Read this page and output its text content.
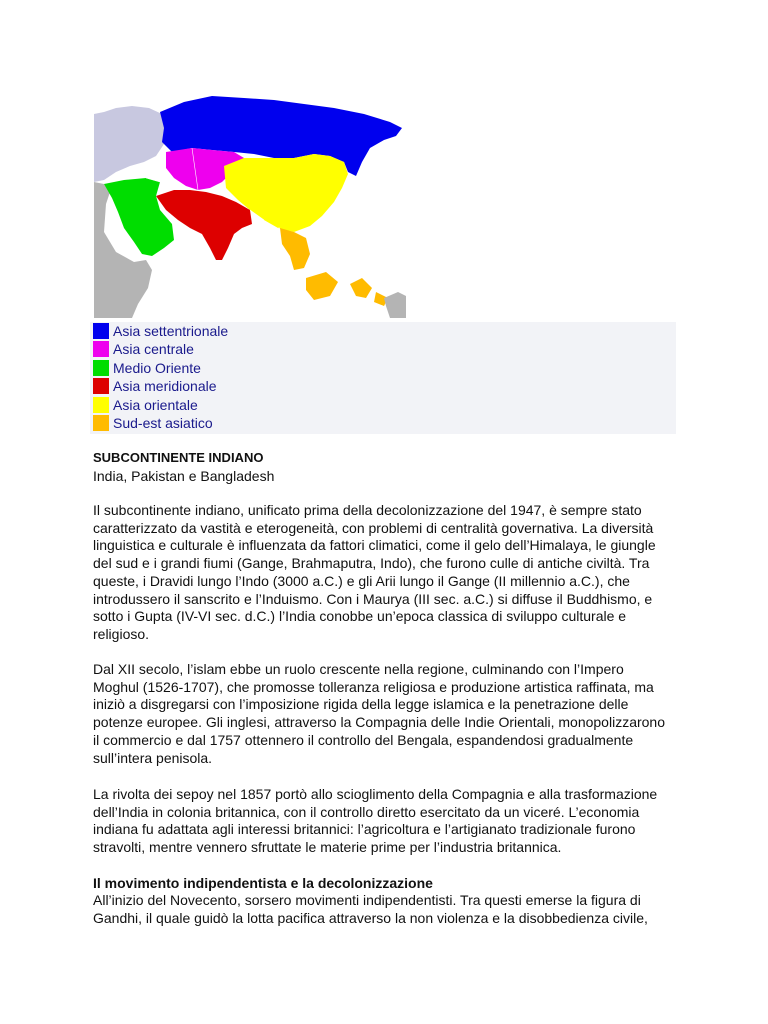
Asia settentrionale
Asia centrale
Medio Oriente
Asia meridionale
Asia orientale
Sud-est asiatico
SUBCONTINENTE INDIANO
India, Pakistan e Bangladesh
Il subcontinente indiano, unificato prima della decolonizzazione del 1947, è sempre stato
caratterizzato da vastità e eterogeneità, con problemi di centralità governativa. La diversità
linguistica e culturale è influenzata da fattori climatici, come il gelo dell’Himalaya, le giungle
del sud e i grandi fiumi (Gange, Brahmaputra, Indo), che furono culle di antiche civiltà. Tra
queste, i Dravidi lungo l’Indo (3000 a.C.) e gli Arii lungo il Gange (II millennio a.C.), che
introdussero il sanscrito e l’Induismo. Con i Maurya (III sec. a.C.) si diffuse il Buddhismo, e
sotto i Gupta (IV-VI sec. d.C.) l’India conobbe un’epoca classica di sviluppo culturale e
religioso.
Dal XII secolo, l’islam ebbe un ruolo crescente nella regione, culminando con l’Impero
Moghul (1526-1707), che promosse tolleranza religiosa e produzione artistica raffinata, ma
iniziò a disgregarsi con l’imposizione rigida della legge islamica e la penetrazione delle
potenze europee. Gli inglesi, attraverso la Compagnia delle Indie Orientali, monopolizzarono
il commercio e dal 1757 ottennero il controllo del Bengala, espandendosi gradualmente
sull’intera penisola.
La rivolta dei sepoy nel 1857 portò allo scioglimento della Compagnia e alla trasformazione
dell’India in colonia britannica, con il controllo diretto esercitato da un viceré. L’economia
indiana fu adattata agli interessi britannici: l’agricoltura e l’artigianato tradizionale furono
stravolti, mentre vennero sfruttate le materie prime per l’industria britannica.
Il movimento indipendentista e la decolonizzazione
All’inizio del Novecento, sorsero movimenti indipendentisti. Tra questi emerse la figura di
Gandhi, il quale guidò la lotta pacifica attraverso la non violenza e la disobbedienza civile,
